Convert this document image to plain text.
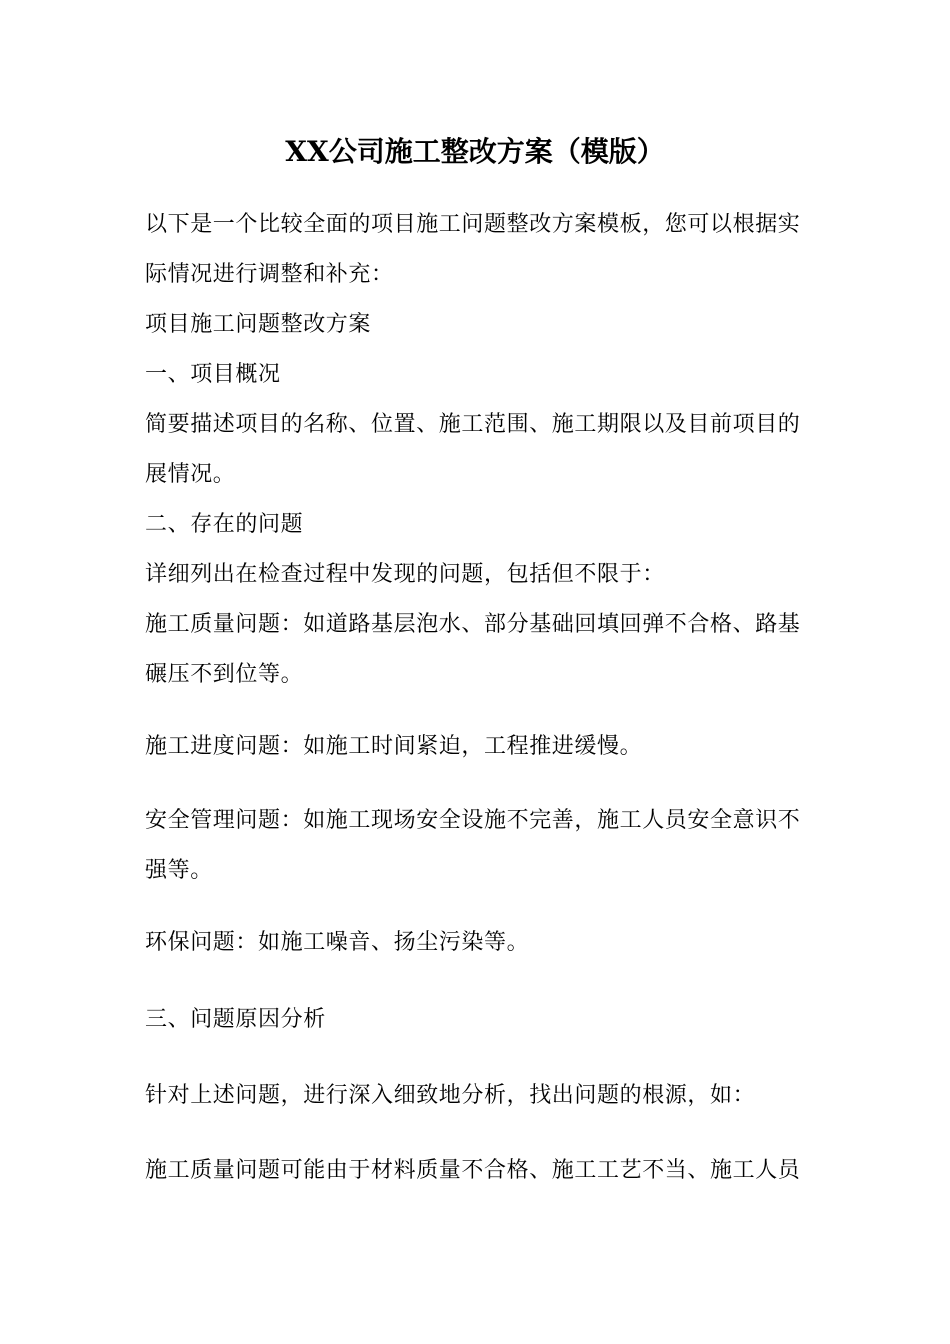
XX公司施工整改方案（模版）

以下是一个比较全面的项目施工问题整改方案模板，您可以根据实际情况进行调整和补充：

项目施工问题整改方案

一、项目概况

简要描述项目的名称、位置、施工范围、施工期限以及目前项目的展情况。

二、存在的问题

详细列出在检查过程中发现的问题，包括但不限于：

施工质量问题：如道路基层泡水、部分基础回填回弹不合格、路基碾压不到位等。

施工进度问题：如施工时间紧迫，工程推进缓慢。

安全管理问题：如施工现场安全设施不完善，施工人员安全意识不强等。

环保问题：如施工噪音、扬尘污染等。

三、问题原因分析

针对上述问题，进行深入细致地分析，找出问题的根源，如：

施工质量问题可能由于材料质量不合格、施工工艺不当、施工人员
